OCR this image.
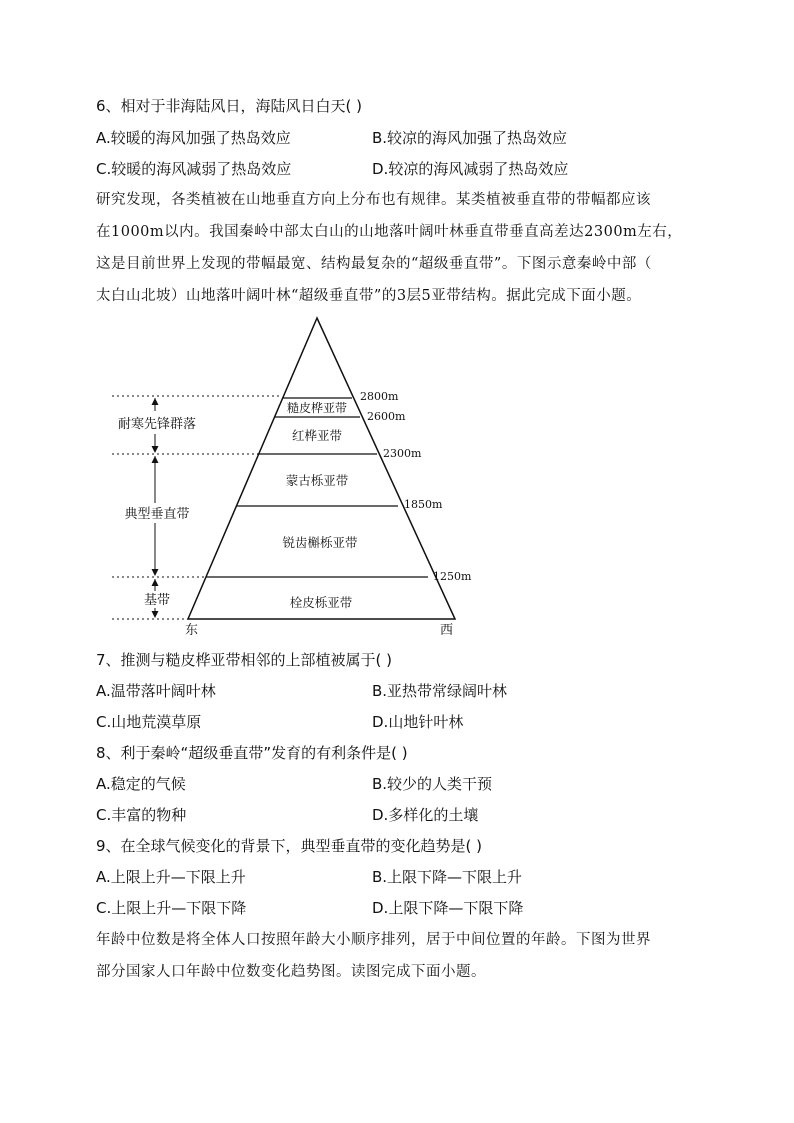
6、相对于非海陆风日，海陆风日白天( )
A.较暖的海风加强了热岛效应	B.较凉的海风加强了热岛效应
C.较暖的海风减弱了热岛效应	D.较凉的海风减弱了热岛效应

研究发现，各类植被在山地垂直方向上分布也有规律。某类植被垂直带的带幅都应该

在1000m以内。我国秦岭中部太白山的山地落叶阔叶林垂直带垂直高差达2300m左右，

这是目前世界上发现的带幅最宽、结构最复杂的“超级垂直带”。下图示意秦岭中部（

太白山北坡）山地落叶阔叶林“超级垂直带”的3层5亚带结构。据此完成下面小题。

耐寒先锋群落
典型垂直带
基带
糙皮桦亚带
红桦亚带
蒙古栎亚带
锐齿槲栎亚带
栓皮栎亚带
2800m
2600m
2300m
1850m
1250m
东	西
7、推测与糙皮桦亚带相邻的上部植被属于( )
A.温带落叶阔叶林	B.亚热带常绿阔叶林
C.山地荒漠草原	D.山地针叶林
8、利于秦岭“超级垂直带”发育的有利条件是( )
A.稳定的气候	B.较少的人类干预
C.丰富的物种	D.多样化的土壤
9、在全球气候变化的背景下，典型垂直带的变化趋势是( )
A.上限上升—下限上升	B.上限下降—下限上升
C.上限上升—下限下降	D.上限下降—下限下降

年龄中位数是将全体人口按照年龄大小顺序排列，居于中间位置的年龄。下图为世界

部分国家人口年龄中位数变化趋势图。读图完成下面小题。
